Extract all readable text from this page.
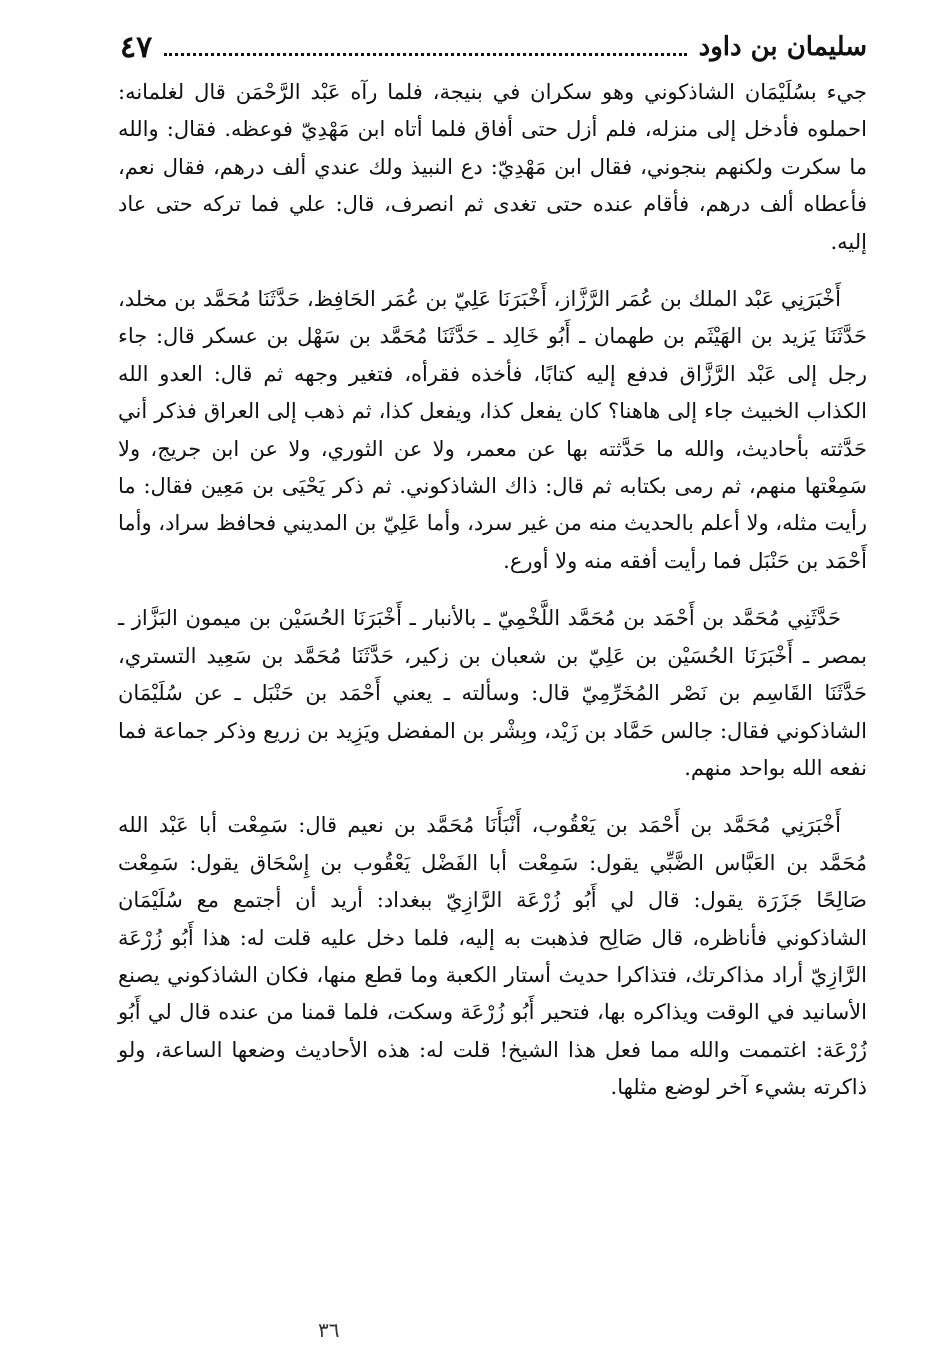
٤٧	سليمان بن داود

جيء بسُلَيْمَان الشاذكوني وهو سكران في بنيجة، فلما رآه عَبْد الرَّحْمَن قال لغلمانه: احملوه فأدخل إلى منزله، فلم أزل حتى أفاق فلما أتاه ابن مَهْدِيّ فوعظه. فقال: والله ما سكرت ولكنهم بنجوني، فقال ابن مَهْدِيّ: دع النبيذ ولك عندي ألف درهم، فقال نعم، فأعطاه ألف درهم، فأقام عنده حتى تغدى ثم انصرف، قال: علي فما تركه حتى عاد إليه.

أَخْبَرَنِي عَبْد الملك بن عُمَر الرَّزَّاز، أَخْبَرَنَا عَلِيّ بن عُمَر الحَافِظ، حَدَّثَنَا مُحَمَّد بن مخلد، حَدَّثَنَا يَزيد بن الهَيْثَم بن طهمان ـ أَبُو خَالِد ـ حَدَّثَنَا مُحَمَّد بن سَهْل بن عسكر قال: جاء رجل إلى عَبْد الرَّزَّاق فدفع إليه كتابًا، فأخذه فقرأه، فتغير وجهه ثم قال: العدو الله الكذاب الخبيث جاء إلى هاهنا؟ كان يفعل كذا، ويفعل كذا، ثم ذهب إلى العراق فذكر أني حَدَّثته بأحاديث، والله ما حَدَّثته بها عن معمر، ولا عن الثوري، ولا عن ابن جريج، ولا سَمِعْتها منهم، ثم رمى بكتابه ثم قال: ذاك الشاذكوني. ثم ذكر يَحْيَى بن مَعِين فقال: ما رأيت مثله، ولا أعلم بالحديث منه من غير سرد، وأما عَلِيّ بن المديني فحافظ سراد، وأما أَحْمَد بن حَنْبَل فما رأيت أفقه منه ولا أورع.

حَدَّثَنِي مُحَمَّد بن أَحْمَد بن مُحَمَّد اللَّخْمِيّ ـ بالأنبار ـ أَخْبَرَنَا الحُسَيْن بن ميمون البَزَّاز ـ بمصر ـ أَخْبَرَنَا الحُسَيْن بن عَلِيّ بن شعبان بن زكير، حَدَّثَنَا مُحَمَّد بن سَعِيد التستري، حَدَّثَنَا القَاسِم بن نَصْر المُخَرِّمِيّ قال: وسألته ـ يعني أَحْمَد بن حَنْبَل ـ عن سُلَيْمَان الشاذكوني فقال: جالس حَمَّاد بن زَيْد، وبِشْر بن المفضل ويَزِيد بن زريع وذكر جماعة فما نفعه الله بواحد منهم.

أَخْبَرَنِي مُحَمَّد بن أَحْمَد بن يَعْقُوب، أَنْبَأَنَا مُحَمَّد بن نعيم قال: سَمِعْت أبا عَبْد الله مُحَمَّد بن العَبَّاس الضَّبِّي يقول: سَمِعْت أبا الفَضْل يَعْقُوب بن إِسْحَاق يقول: سَمِعْت صَالِحًا جَزَرَة يقول: قال لي أَبُو زُرْعَة الرَّازِيّ ببغداد: أريد أن أجتمع مع سُلَيْمَان الشاذكوني فأناظره، قال صَالِح فذهبت به إليه، فلما دخل عليه قلت له: هذا أَبُو زُرْعَة الرَّازِيّ أراد مذاكرتك، فتذاكرا حديث أستار الكعبة وما قطع منها، فكان الشاذكوني يصنع الأسانيد في الوقت ويذاكره بها، فتحير أَبُو زُرْعَة وسكت، فلما قمنا من عنده قال لي أَبُو زُرْعَة: اغتممت والله مما فعل هذا الشيخ! قلت له: هذه الأحاديث وضعها الساعة، ولو ذاكرته بشيء آخر لوضع مثلها.

٣٦
